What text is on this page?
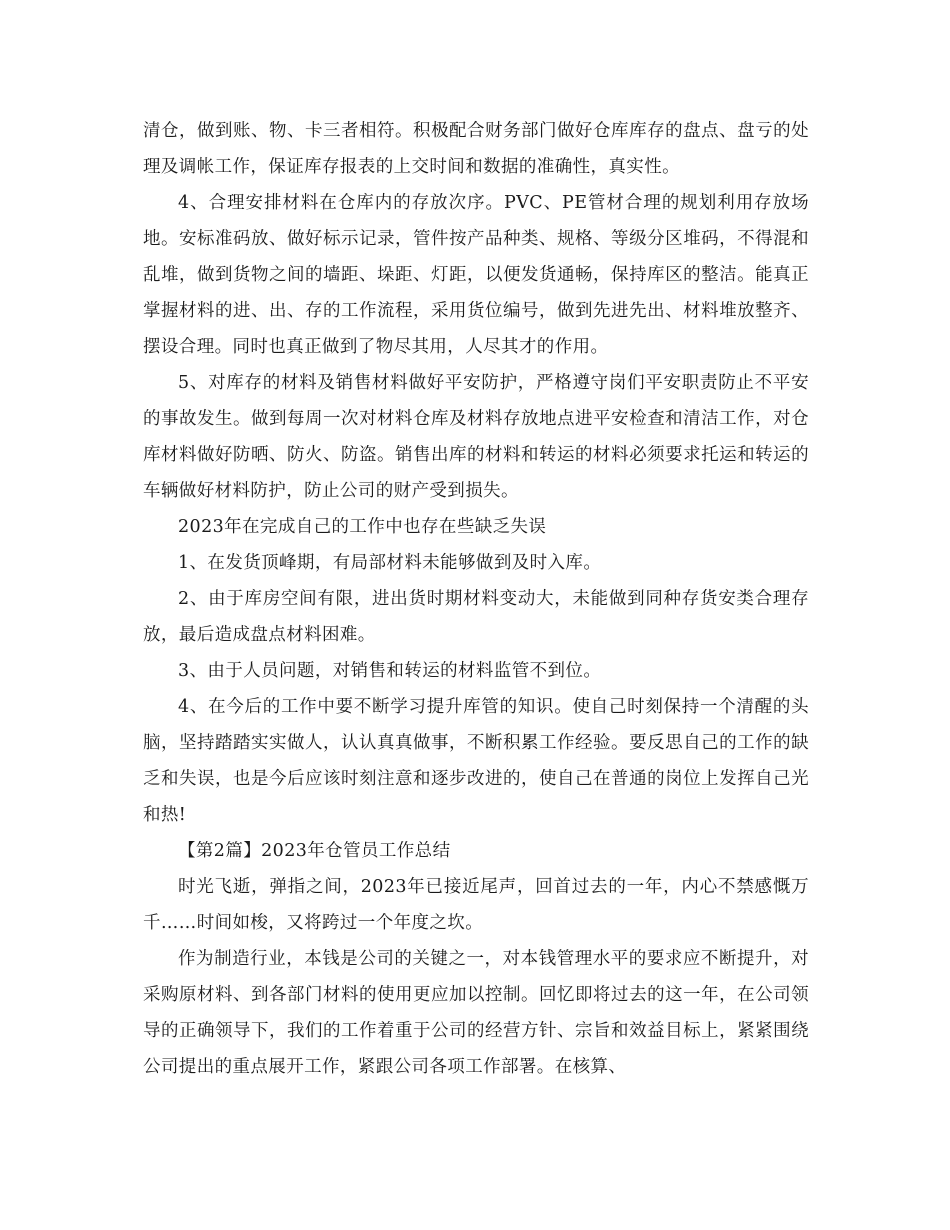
清仓，做到账、物、卡三者相符。积极配合财务部门做好仓库库存的盘点、盘亏的处理及调帐工作，保证库存报表的上交时间和数据的准确性，真实性。

4、合理安排材料在仓库内的存放次序。PVC、PE管材合理的规划利用存放场地。安标准码放、做好标示记录，管件按产品种类、规格、等级分区堆码，不得混和乱堆，做到货物之间的墙距、垛距、灯距，以便发货通畅，保持库区的整洁。能真正掌握材料的进、出、存的工作流程，采用货位编号，做到先进先出、材料堆放整齐、摆设合理。同时也真正做到了物尽其用，人尽其才的作用。

5、对库存的材料及销售材料做好平安防护，严格遵守岗们平安职责防止不平安的事故发生。做到每周一次对材料仓库及材料存放地点进平安检查和清洁工作，对仓库材料做好防晒、防火、防盗。销售出库的材料和转运的材料必须要求托运和转运的车辆做好材料防护，防止公司的财产受到损失。

2023年在完成自己的工作中也存在些缺乏失误

1、在发货顶峰期，有局部材料未能够做到及时入库。

2、由于库房空间有限，进出货时期材料变动大，未能做到同种存货安类合理存放，最后造成盘点材料困难。

3、由于人员问题，对销售和转运的材料监管不到位。

4、在今后的工作中要不断学习提升库管的知识。使自己时刻保持一个清醒的头脑，坚持踏踏实实做人，认认真真做事，不断积累工作经验。要反思自己的工作的缺乏和失误，也是今后应该时刻注意和逐步改进的，使自己在普通的岗位上发挥自己光和热!

【第2篇】2023年仓管员工作总结

时光飞逝，弹指之间，2023年已接近尾声，回首过去的一年，内心不禁感慨万千……时间如梭，又将跨过一个年度之坎。

作为制造行业，本钱是公司的关键之一，对本钱管理水平的要求应不断提升，对采购原材料、到各部门材料的使用更应加以控制。回忆即将过去的这一年，在公司领导的正确领导下，我们的工作着重于公司的经营方针、宗旨和效益目标上，紧紧围绕公司提出的重点展开工作，紧跟公司各项工作部署。在核算、
